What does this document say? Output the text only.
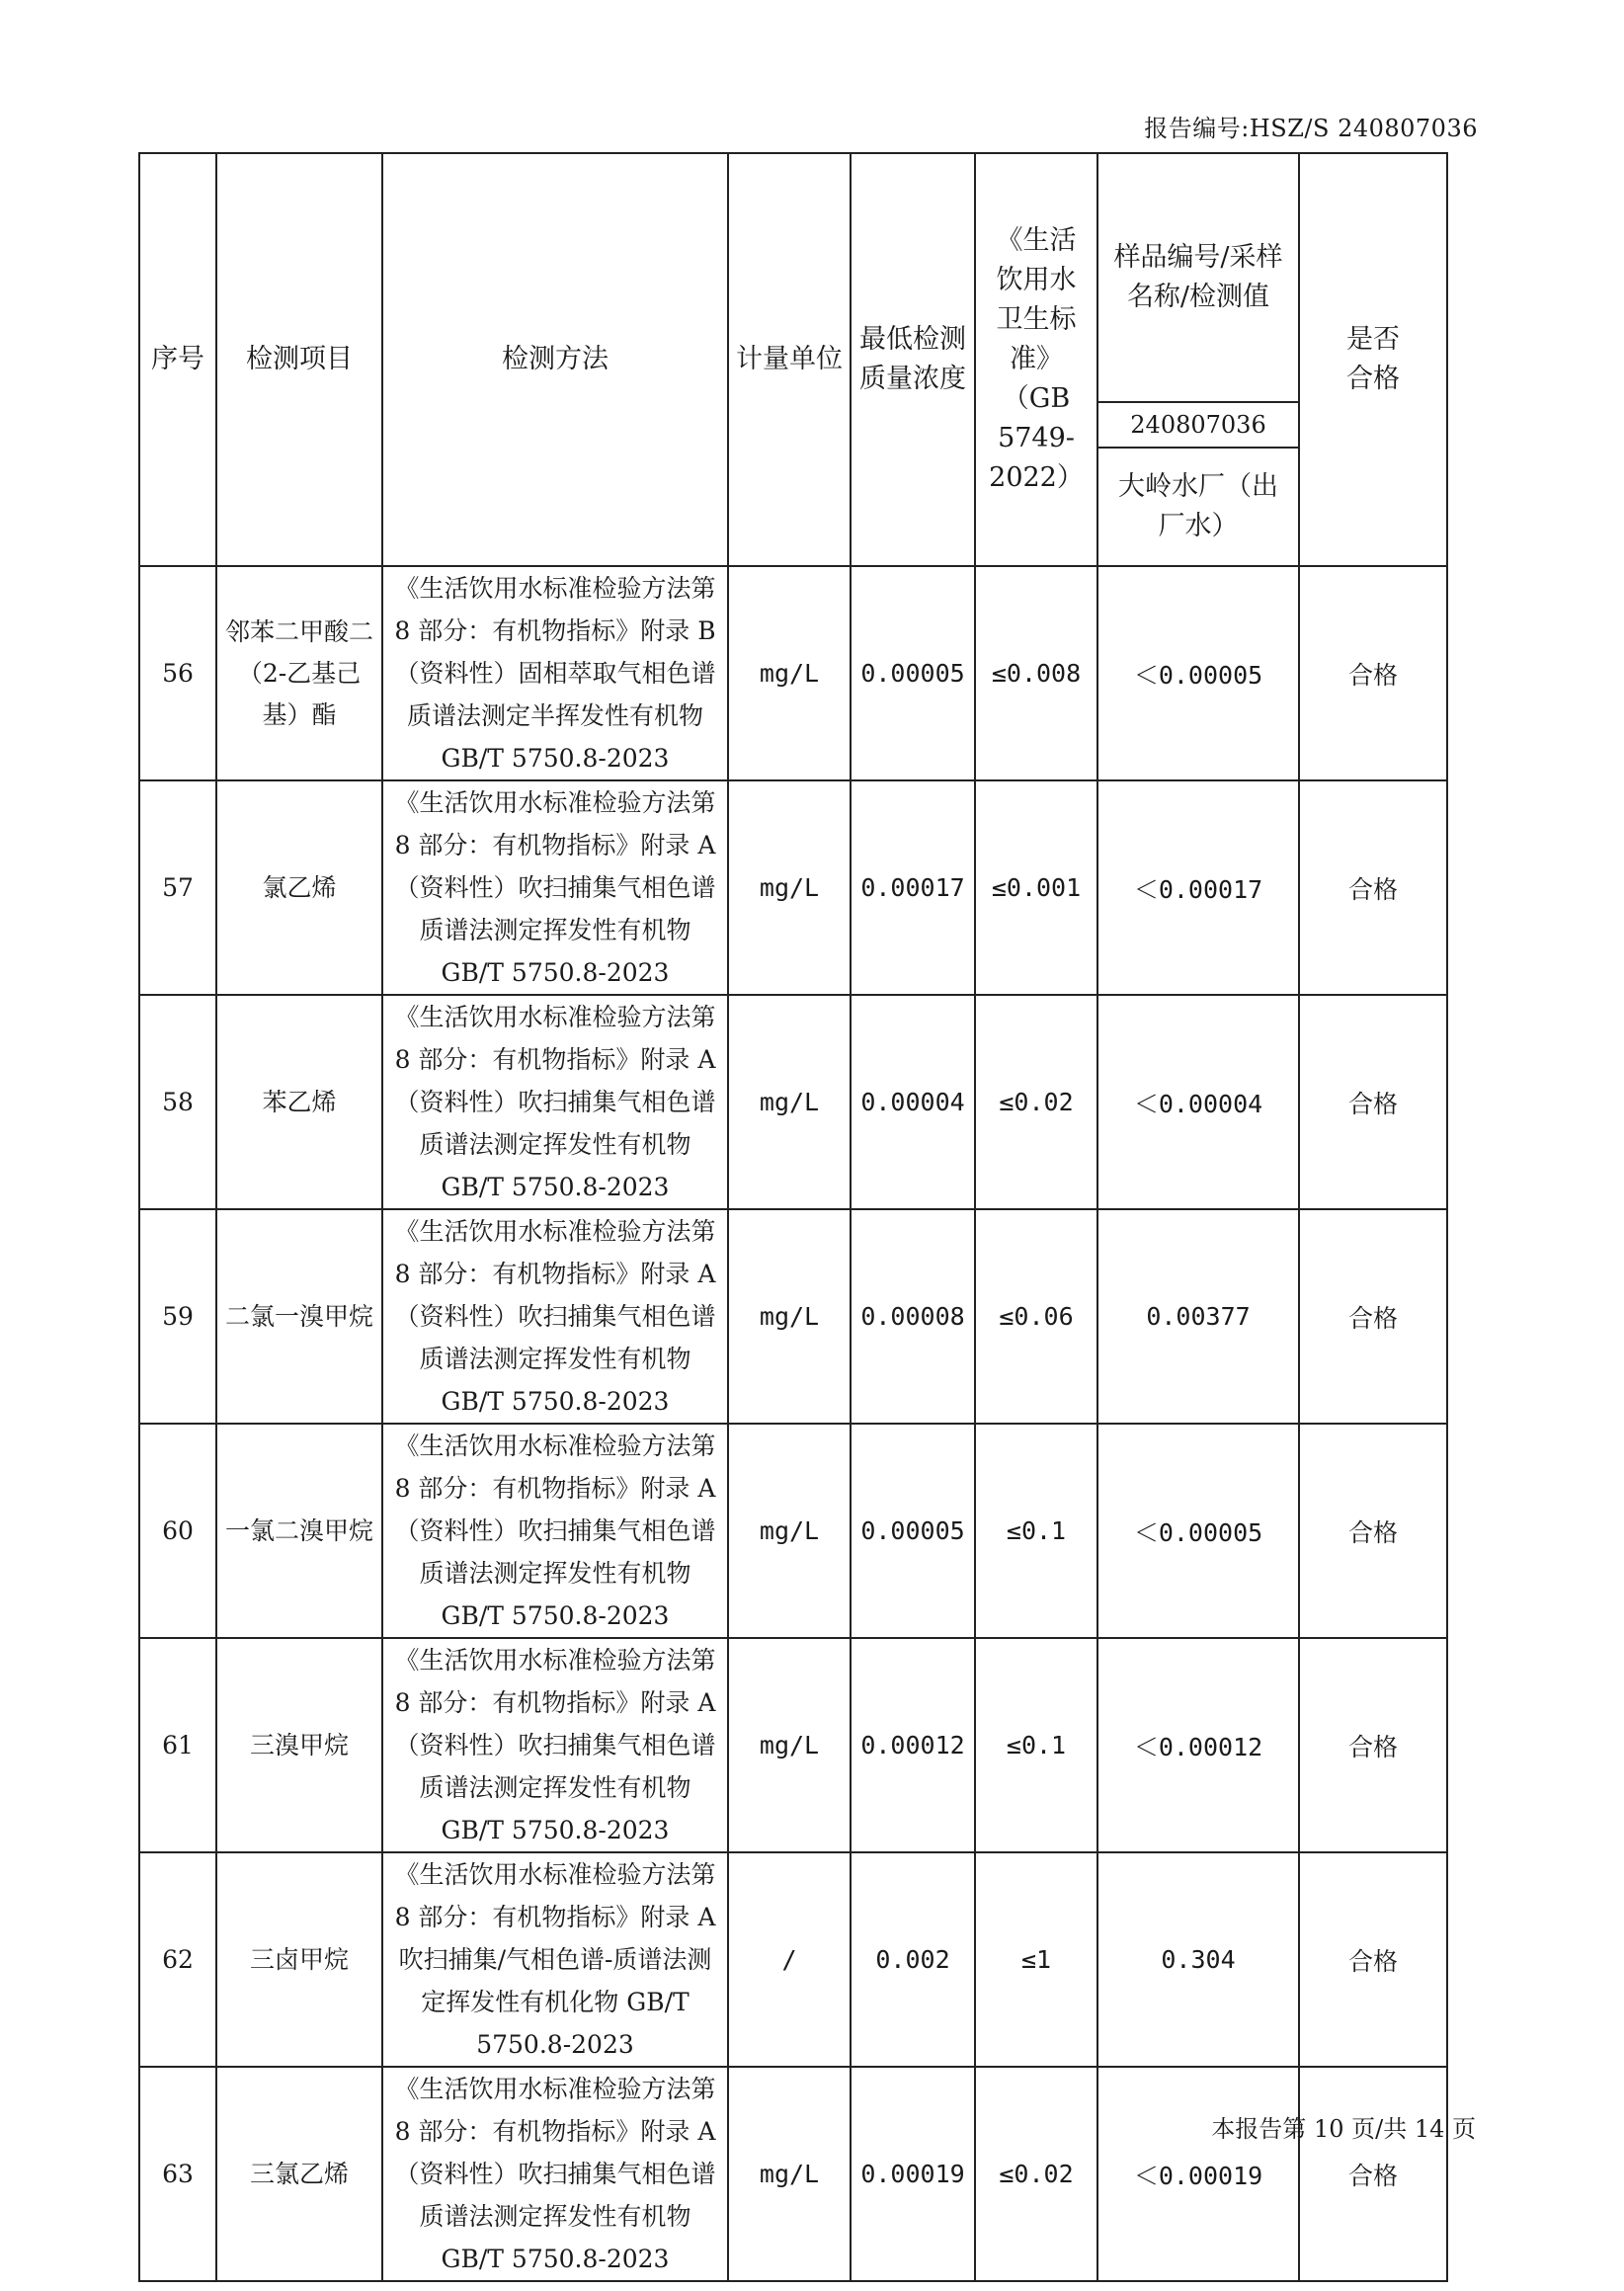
报告编号:HSZ/S 240807036
序号	检测项目	检测方法	计量单位	最低检测质量浓度	《生活饮用水卫生标准》（GB 5749-2022）	样品编号/采样名称/检测值	是否合格
						240807036	
						大岭水厂（出厂水）	
56	邻苯二甲酸二（2-乙基己基）酯	《生活饮用水标准检验方法第 8 部分：有机物指标》附录 B（资料性）固相萃取气相色谱质谱法测定半挥发性有机物 GB/T 5750.8-2023	mg/L	0.00005	≤0.008	＜0.00005	合格
57	氯乙烯	《生活饮用水标准检验方法第 8 部分：有机物指标》附录 A（资料性）吹扫捕集气相色谱质谱法测定挥发性有机物 GB/T 5750.8-2023	mg/L	0.00017	≤0.001	＜0.00017	合格
58	苯乙烯	《生活饮用水标准检验方法第 8 部分：有机物指标》附录 A（资料性）吹扫捕集气相色谱质谱法测定挥发性有机物 GB/T 5750.8-2023	mg/L	0.00004	≤0.02	＜0.00004	合格
59	二氯一溴甲烷	《生活饮用水标准检验方法第 8 部分：有机物指标》附录 A（资料性）吹扫捕集气相色谱质谱法测定挥发性有机物 GB/T 5750.8-2023	mg/L	0.00008	≤0.06	0.00377	合格
60	一氯二溴甲烷	《生活饮用水标准检验方法第 8 部分：有机物指标》附录 A（资料性）吹扫捕集气相色谱质谱法测定挥发性有机物 GB/T 5750.8-2023	mg/L	0.00005	≤0.1	＜0.00005	合格
61	三溴甲烷	《生活饮用水标准检验方法第 8 部分：有机物指标》附录 A（资料性）吹扫捕集气相色谱质谱法测定挥发性有机物 GB/T 5750.8-2023	mg/L	0.00012	≤0.1	＜0.00012	合格
62	三卤甲烷	《生活饮用水标准检验方法第 8 部分：有机物指标》附录 A 吹扫捕集/气相色谱-质谱法测定挥发性有机化物 GB/T 5750.8-2023	/	0.002	≤1	0.304	合格
63	三氯乙烯	《生活饮用水标准检验方法第 8 部分：有机物指标》附录 A（资料性）吹扫捕集气相色谱质谱法测定挥发性有机物 GB/T 5750.8-2023	mg/L	0.00019	≤0.02	＜0.00019	合格
本报告第 10 页/共 14 页
